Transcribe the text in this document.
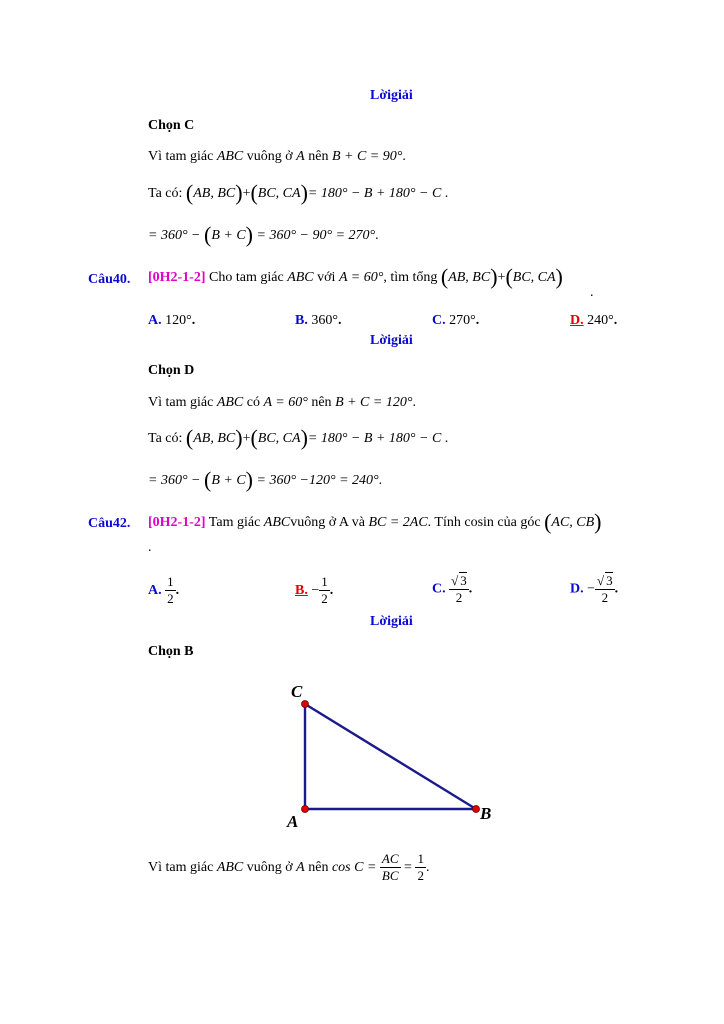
Lờigiải
Chọn C
Vì tam giác ABC vuông ở A nên B + C = 90°.
Ta có: (AB, BC)+(BC, CA)= 180° − B + 180° − C .
= 360° − (B + C) = 360° − 90° = 270°.
Câu40. [0H2-1-2] Cho tam giác ABC với A = 60°, tìm tổng (AB, BC)+(BC, CA)
.
A. 120°.	B. 360°.	C. 270°.	D. 240°.
Lờigiải
Chọn D
Vì tam giác ABC có A = 60° nên B + C = 120°.
Ta có: (AB, BC)+(BC, CA)= 180° − B + 180° − C .
= 360° − (B + C) = 360° −120° = 240°.
Câu42. [0H2-1-2] Tam giác ABCvuông ở A và BC = 2AC. Tính cosin của góc (AC, CB)
.
A. $\frac{1}{2}$ .	B. − $\frac{1}{2}$ .	C. $\frac{√ 3}{2}$ .	D. − $\frac{√ 3}{2}$ .
Lờigiải
Chọn B
C
A	B
Vì tam giác ABC vuông ở A nên $\cos C = \frac{AC}{BC} = \frac{1}{2}$ .
